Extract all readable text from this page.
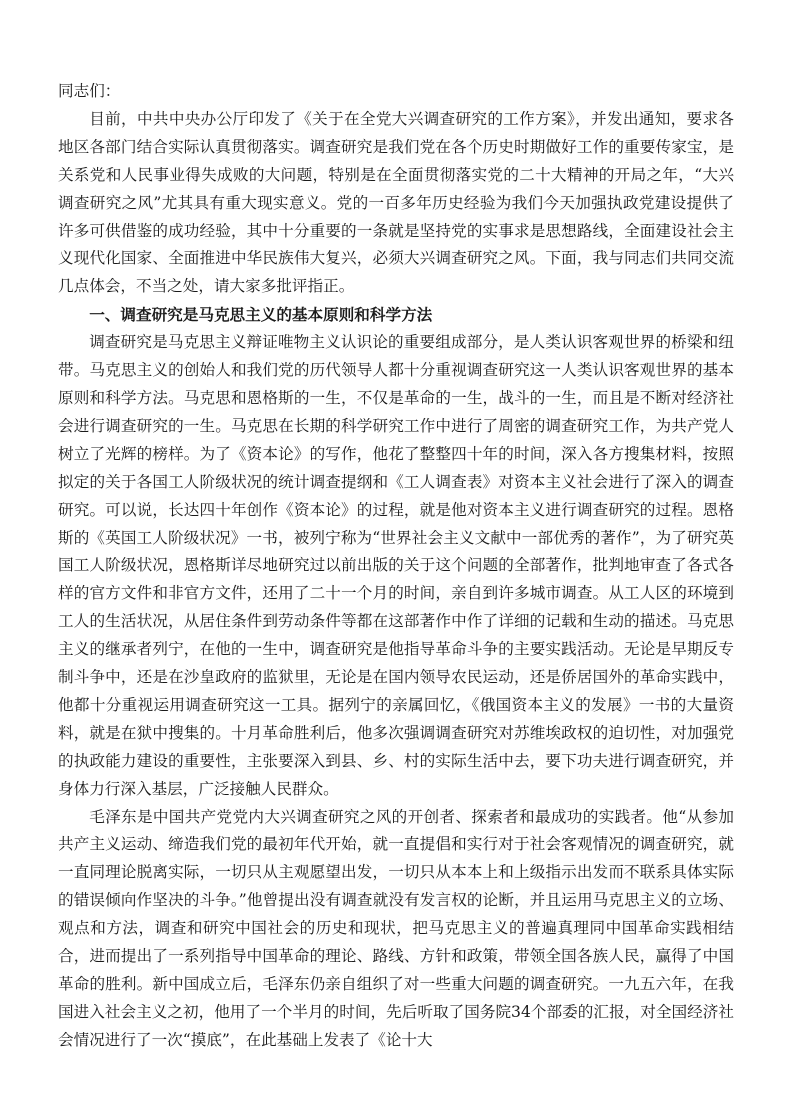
同志们：

目前，中共中央办公厅印发了《关于在全党大兴调查研究的工作方案》，并发出通知，要求各地区各部门结合实际认真贯彻落实。调查研究是我们党在各个历史时期做好工作的重要传家宝，是关系党和人民事业得失成败的大问题，特别是在全面贯彻落实党的二十大精神的开局之年，“大兴调查研究之风”尤其具有重大现实意义。党的一百多年历史经验为我们今天加强执政党建设提供了许多可供借鉴的成功经验，其中十分重要的一条就是坚持党的实事求是思想路线，全面建设社会主义现代化国家、全面推进中华民族伟大复兴，必须大兴调查研究之风。下面，我与同志们共同交流几点体会，不当之处，请大家多批评指正。

一、调查研究是马克思主义的基本原则和科学方法

调查研究是马克思主义辩证唯物主义认识论的重要组成部分，是人类认识客观世界的桥梁和纽带。马克思主义的创始人和我们党的历代领导人都十分重视调查研究这一人类认识客观世界的基本原则和科学方法。马克思和恩格斯的一生，不仅是革命的一生，战斗的一生，而且是不断对经济社会进行调查研究的一生。马克思在长期的科学研究工作中进行了周密的调查研究工作，为共产党人树立了光辉的榜样。为了《资本论》的写作，他花了整整四十年的时间，深入各方搜集材料，按照拟定的关于各国工人阶级状况的统计调查提纲和《工人调查表》对资本主义社会进行了深入的调查研究。可以说，长达四十年创作《资本论》的过程，就是他对资本主义进行调查研究的过程。恩格斯的《英国工人阶级状况》一书，被列宁称为“世界社会主义文献中一部优秀的著作”，为了研究英国工人阶级状况，恩格斯详尽地研究过以前出版的关于这个问题的全部著作，批判地审查了各式各样的官方文件和非官方文件，还用了二十一个月的时间，亲自到许多城市调查。从工人区的环境到工人的生活状况，从居住条件到劳动条件等都在这部著作中作了详细的记载和生动的描述。马克思主义的继承者列宁，在他的一生中，调查研究是他指导革命斗争的主要实践活动。无论是早期反专制斗争中，还是在沙皇政府的监狱里，无论是在国内领导农民运动，还是侨居国外的革命实践中，他都十分重视运用调查研究这一工具。据列宁的亲属回忆，《俄国资本主义的发展》一书的大量资料，就是在狱中搜集的。十月革命胜利后，他多次强调调查研究对苏维埃政权的迫切性，对加强党的执政能力建设的重要性，主张要深入到县、乡、村的实际生活中去，要下功夫进行调查研究，并身体力行深入基层，广泛接触人民群众。

毛泽东是中国共产党党内大兴调查研究之风的开创者、探索者和最成功的实践者。他“从参加共产主义运动、缔造我们党的最初年代开始，就一直提倡和实行对于社会客观情况的调查研究，就一直同理论脱离实际，一切只从主观愿望出发，一切只从本本上和上级指示出发而不联系具体实际的错误倾向作坚决的斗争。”他曾提出没有调查就没有发言权的论断，并且运用马克思主义的立场、观点和方法，调查和研究中国社会的历史和现状，把马克思主义的普遍真理同中国革命实践相结合，进而提出了一系列指导中国革命的理论、路线、方针和政策，带领全国各族人民，赢得了中国革命的胜利。新中国成立后，毛泽东仍亲自组织了对一些重大问题的调查研究。一九五六年，在我国进入社会主义之初，他用了一个半月的时间，先后听取了国务院34个部委的汇报，对全国经济社会情况进行了一次“摸底”，在此基础上发表了《论十大
